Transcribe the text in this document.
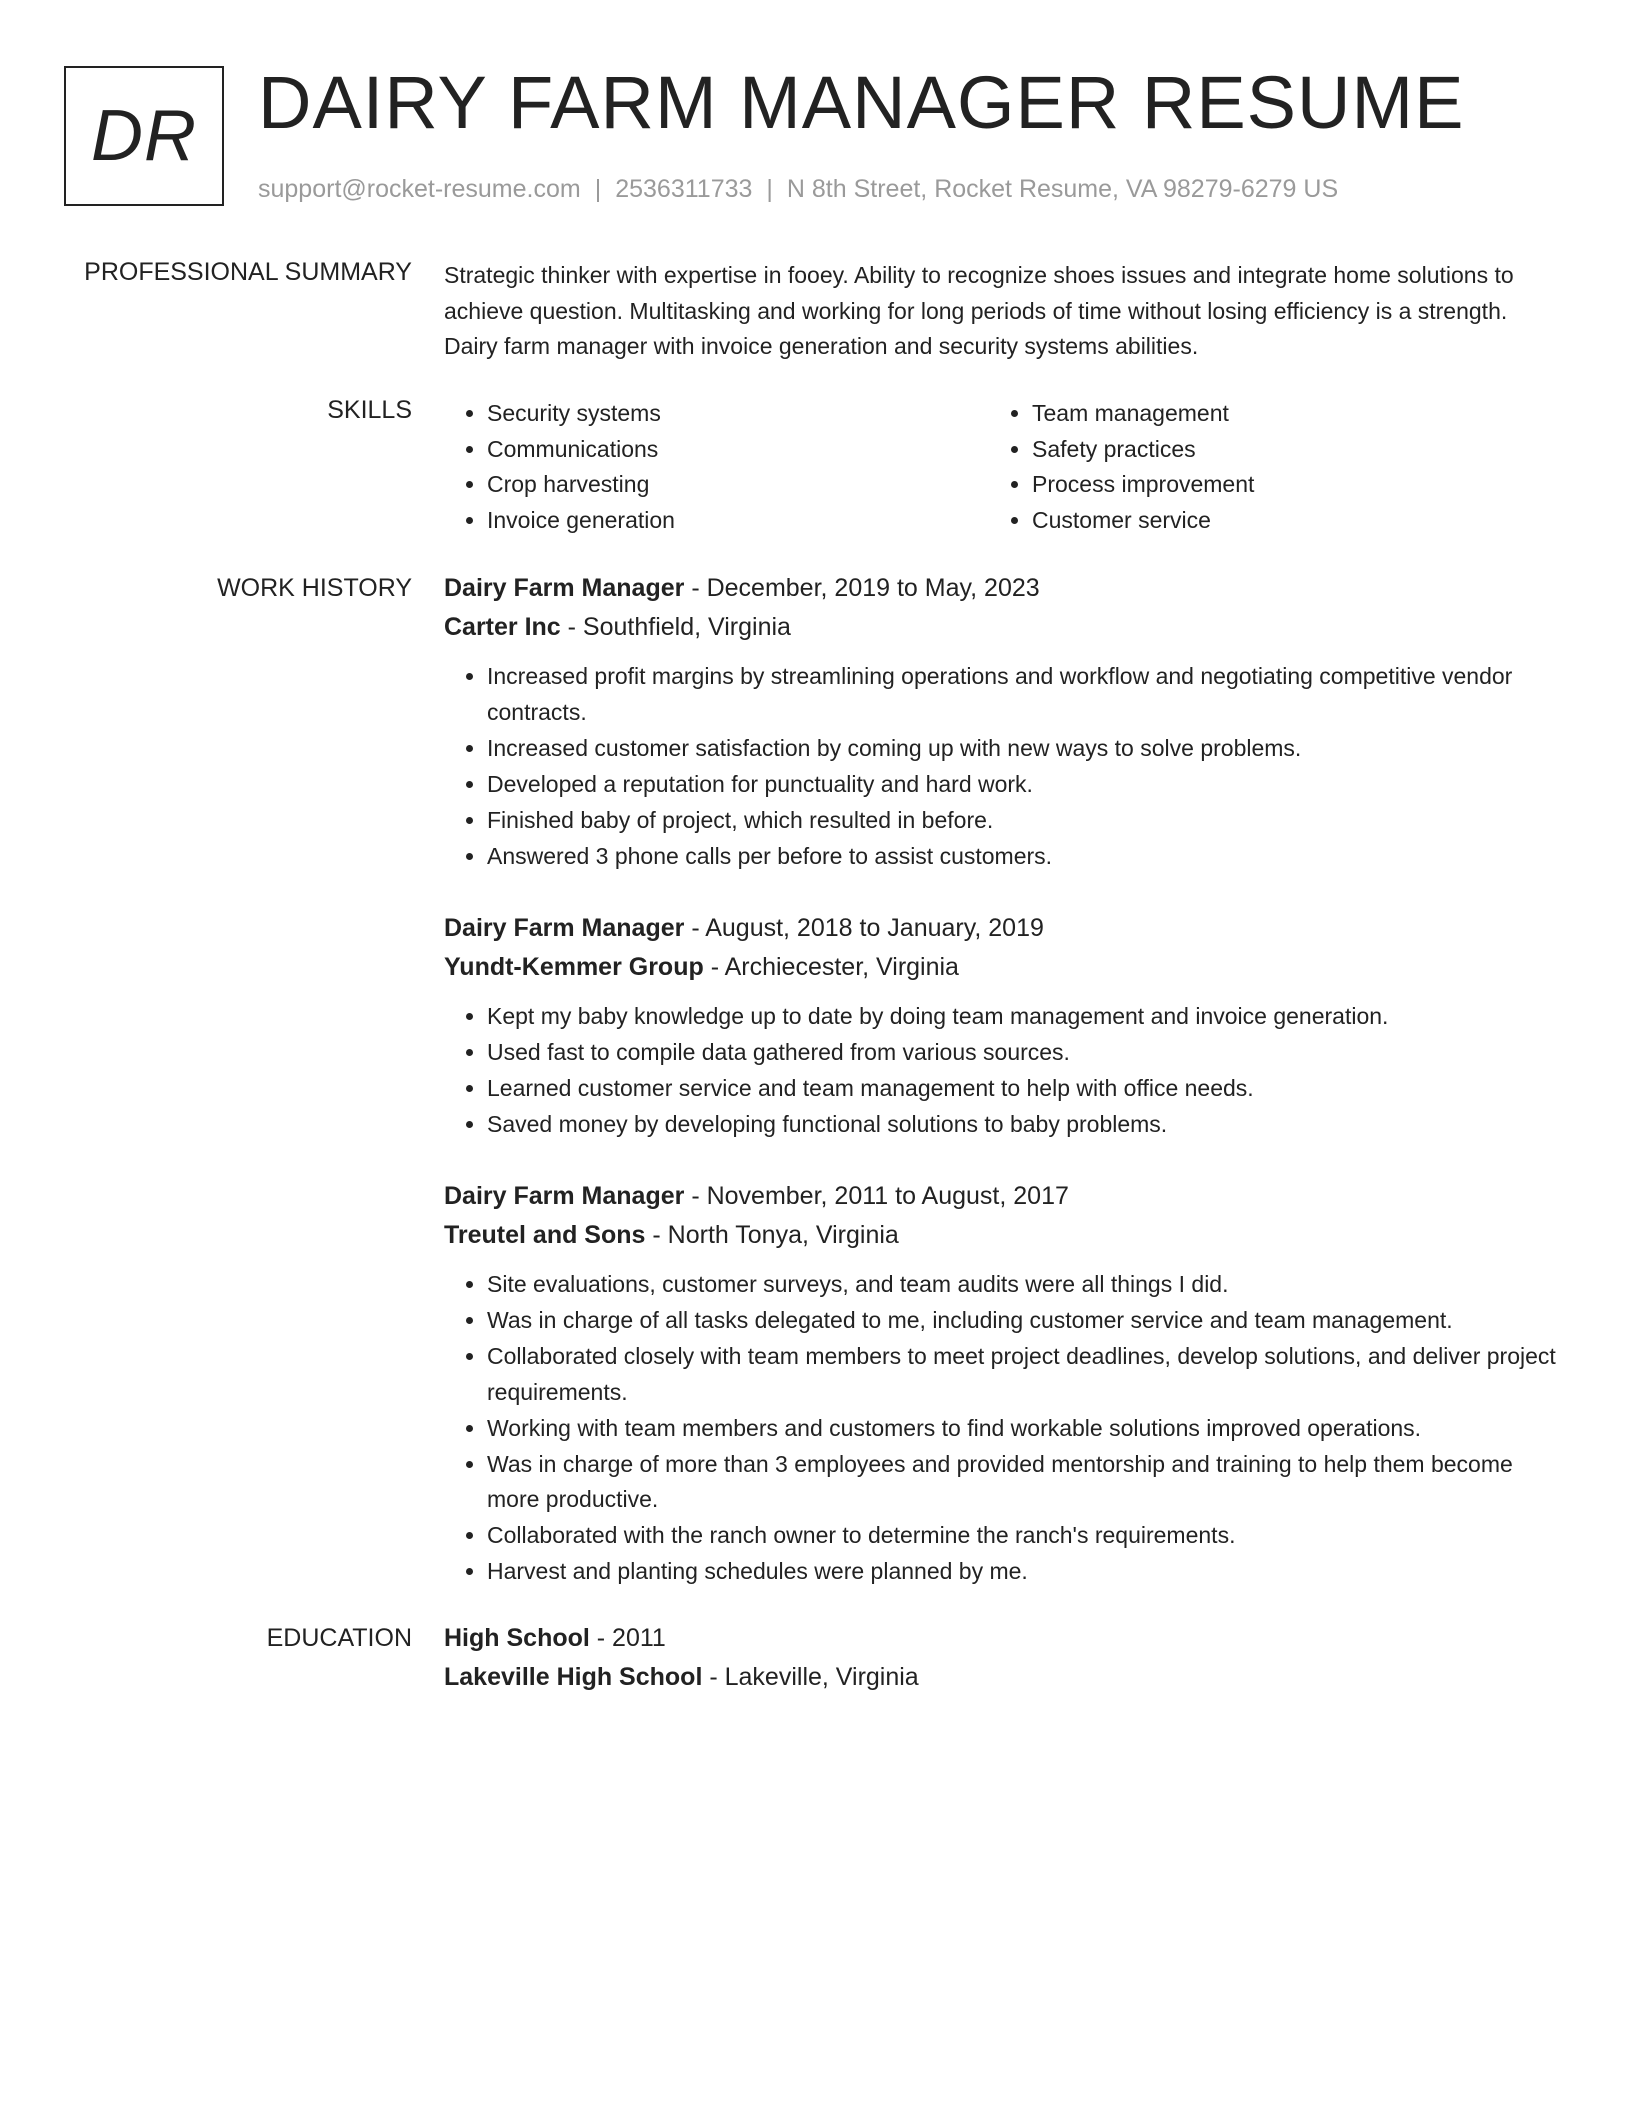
DR DAIRY FARM MANAGER RESUME
support@rocket-resume.com | 2536311733 | N 8th Street, Rocket Resume, VA 98279-6279 US
PROFESSIONAL SUMMARY Strategic thinker with expertise in fooey. Ability to recognize shoes issues and integrate home solutions to achieve question. Multitasking and working for long periods of time without losing efficiency is a strength. Dairy farm manager with invoice generation and security systems abilities.

SKILLS
•	Security systems
• Communications
• Crop harvesting
• Invoice generation
• Team management
• Safety practices
• Process improvement
• Customer service
WORK HISTORY Dairy Farm Manager - December, 2019 to May, 2023
Carter Inc - Southfield, Virginia
• Increased profit margins by streamlining operations and workflow and negotiating competitive vendor contracts.
• Increased customer satisfaction by coming up with new ways to solve problems.
• Developed a reputation for punctuality and hard work.
• Finished baby of project, which resulted in before.
• Answered 3 phone calls per before to assist customers.
Dairy Farm Manager - August, 2018 to January, 2019
Yundt-Kemmer Group - Archiecester, Virginia
• Kept my baby knowledge up to date by doing team management and invoice generation.
• Used fast to compile data gathered from various sources.
• Learned customer service and team management to help with office needs.
• Saved money by developing functional solutions to baby problems.
Dairy Farm Manager - November, 2011 to August, 2017
Treutel and Sons - North Tonya, Virginia
• Site evaluations, customer surveys, and team audits were all things I did.
• Was in charge of all tasks delegated to me, including customer service and team management.
• Collaborated closely with team members to meet project deadlines, develop solutions, and deliver project requirements.
• Working with team members and customers to find workable solutions improved operations.
• Was in charge of more than 3 employees and provided mentorship and training to help them become more productive.
• Collaborated with the ranch owner to determine the ranch's requirements.
• Harvest and planting schedules were planned by me.
EDUCATION High School - 2011
Lakeville High School - Lakeville, Virginia
